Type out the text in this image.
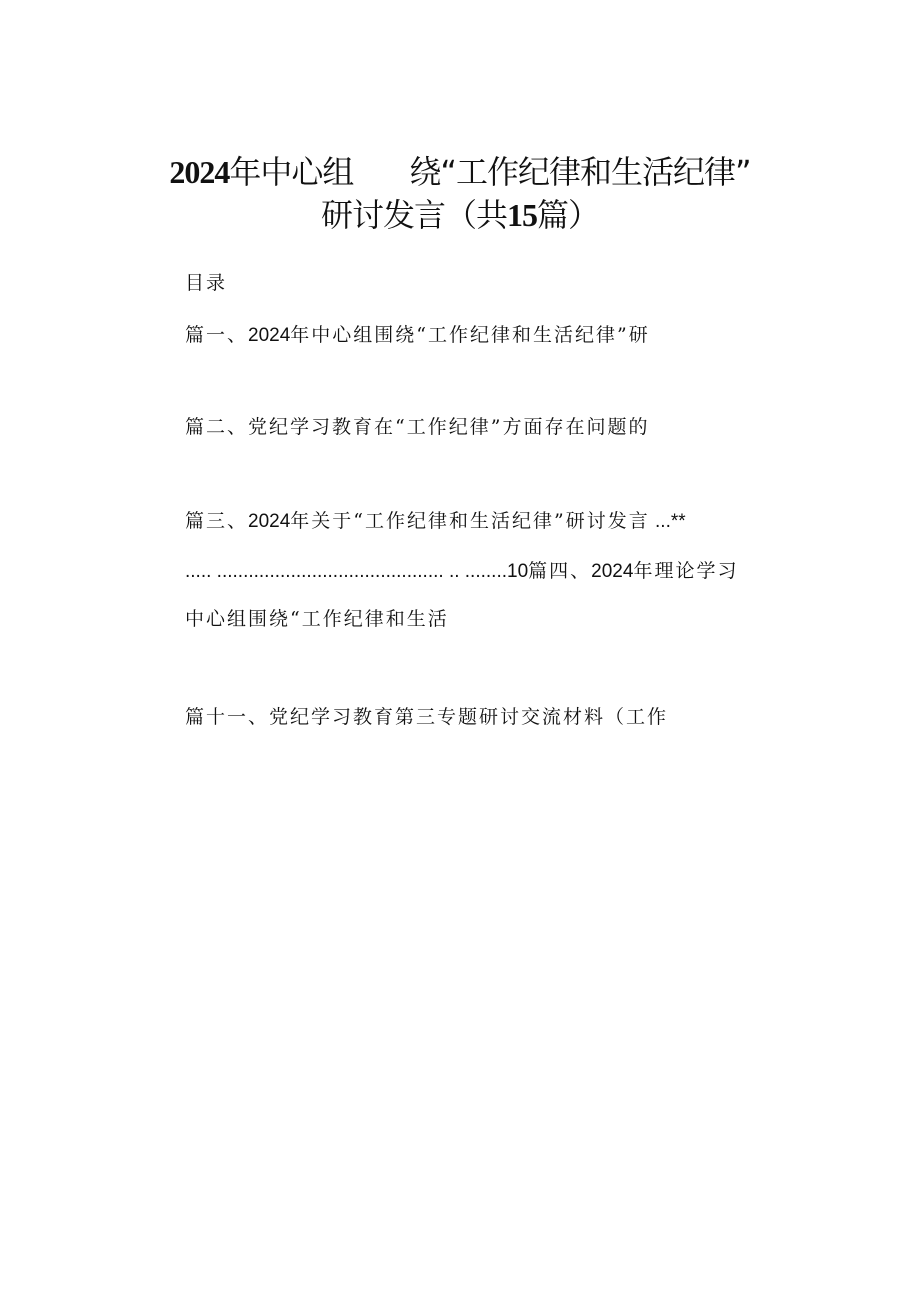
2024年中心组 绕“工作纪律和生活纪律”
研讨发言（共15篇）
目录
篇一、2024年中心组围绕“工作纪律和生活纪律”研
篇二、党纪学习教育在“工作纪律”方面存在问题的
篇三、2024年关于“工作纪律和生活纪律”研讨发言 ...**
..... ........................................... .. ........10篇四、2024年理论学习
中心组围绕“工作纪律和生活
篇十一、党纪学习教育第三专题研讨交流材料（工作
